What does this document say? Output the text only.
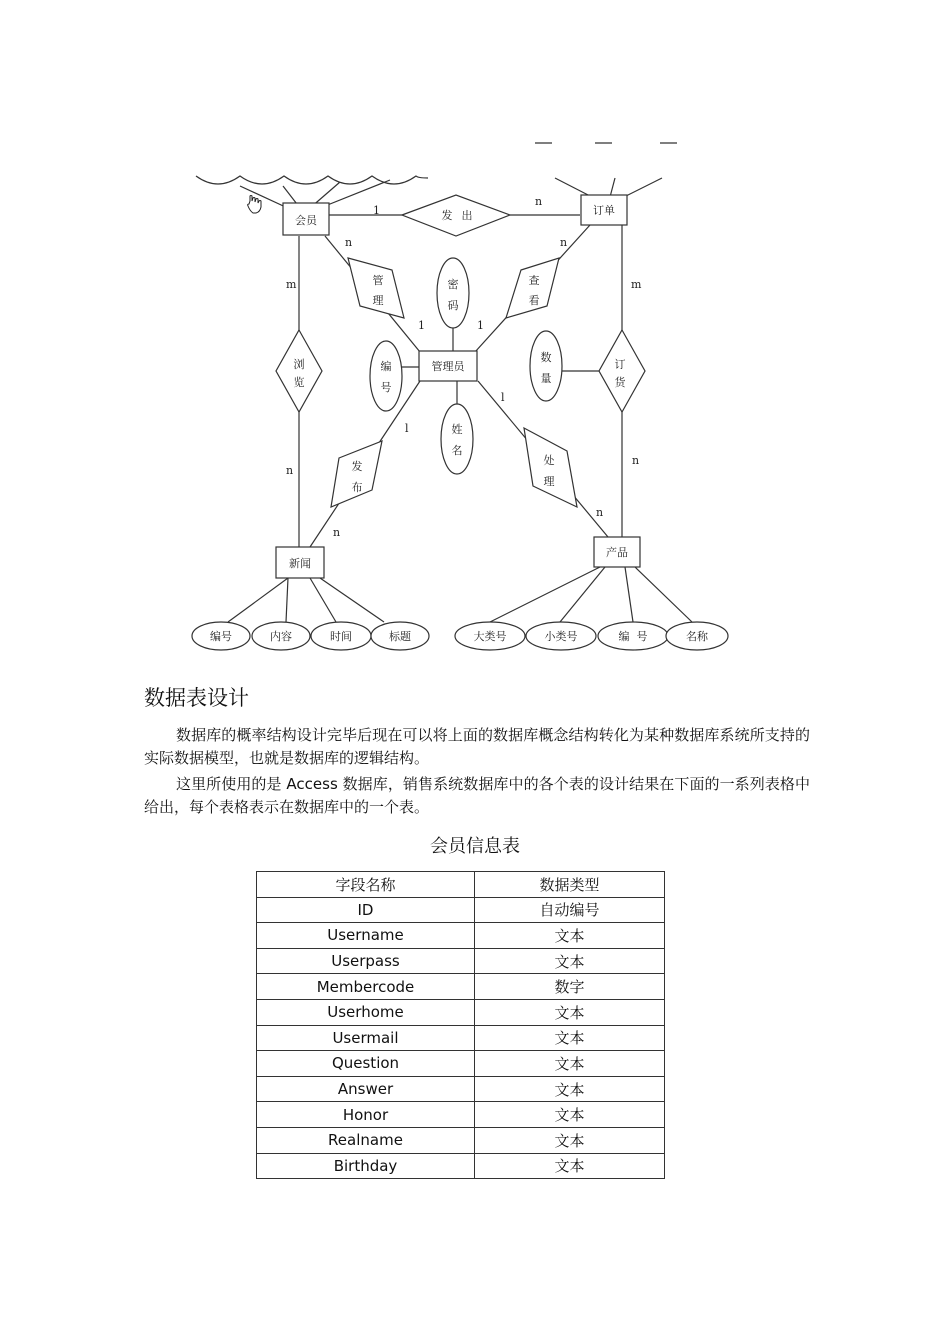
会员
订单
管理员
新闻
产品
发 出
管
理
查
看
浏
览
订
货
发
布
处
理
密
码
编
号
姓
名
数
量
编号	内容	时间	标题	大类号	小类号	编  号	名称
1
n
n
1
n
1
m
n
m
n
l
n
l
n
数据表设计

数据库的概率结构设计完毕后现在可以将上面的数据库概念结构转化为某种数据库系统所支持的实际数据模型，也就是数据库的逻辑结构。

这里所使用的是 Access 数据库，销售系统数据库中的各个表的设计结果在下面的一系列表格中给出，每个表格表示在数据库中的一个表。

会员信息表
字段名称	数据类型
ID	自动编号
Username	文本
Userpass	文本
Membercode	数字
Userhome	文本
Usermail	文本
Question	文本
Answer	文本
Honor	文本
Realname	文本
Birthday	文本
